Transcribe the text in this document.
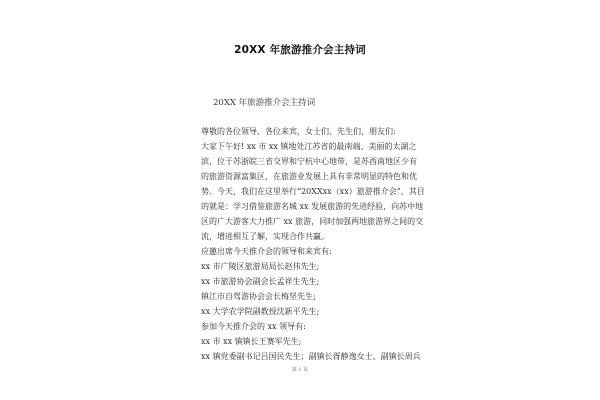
20XX 年旅游推介会主持词
20XX 年旅游推介会主持词
尊敬的各位领导、各位来宾，女士们、先生们，朋友们:
大家下午好! xx 市 xx 镇地处江苏省的最南端、美丽的太湖之
滨，位于苏浙皖三省交界和宁杭中心地带，是苏西南地区少有
的旅游资源富集区，在旅游业发展上具有非常明显的特色和优
势。今天，我们在这里举行“20XXxx（xx）旅游推介会”，其目
的就是：学习借鉴旅游名城 xx 发展旅游的先进经验，向苏中地
区的广大游客大力推广 xx 旅游，同时加强两地旅游界之间的交
流，增进相互了解，实现合作共赢。
应邀出席今天推介会的领导和来宾有:
xx 市广陵区旅游局局长赵伟先生;
xx 市旅游协会副会长孟祥生先生;
镇江市自驾游协会会长梅坚先生;
xx 大学农学院副教授沈新平先生;
参加今天推介会的 xx 领导有:
xx 市 xx 镇镇长王赛军先生;
xx 镇党委副书记吕国民先生；副镇长胥静逸女士、副镇长周兵
第 1 页
